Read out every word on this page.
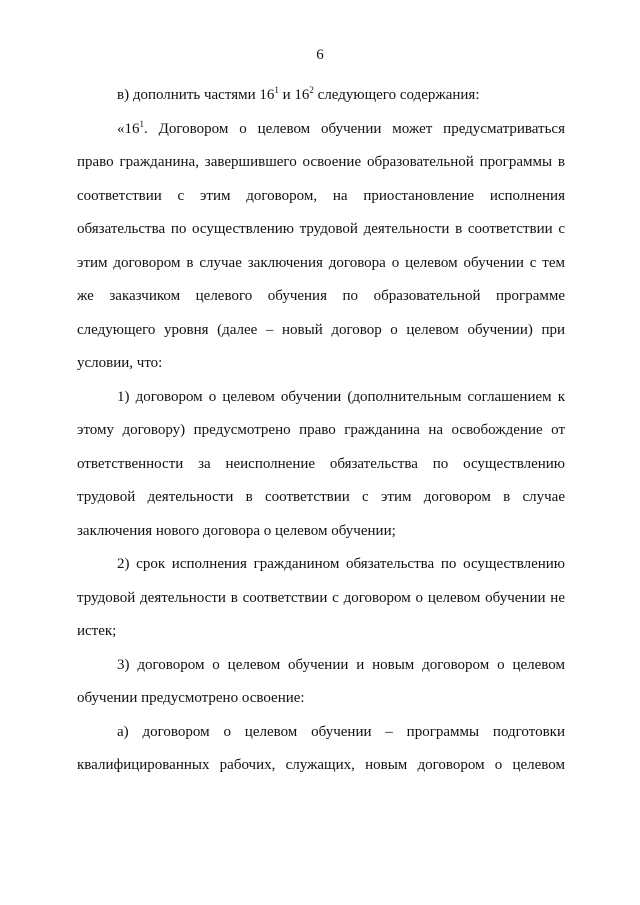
6
в) дополнить частями $16^1$ и $16^2$ следующего содержания:
«$16^1$. Договором о целевом обучении может предусматриваться
право гражданина, завершившего освоение образовательной программы в
соответствии с этим договором, на приостановление исполнения
обязательства по осуществлению трудовой деятельности в соответствии с
этим договором в случае заключения договора о целевом обучении с тем
же заказчиком целевого обучения по образовательной программе
следующего уровня (далее – новый договор о целевом обучении) при
условии, что:
1) договором о целевом обучении (дополнительным соглашением к
этому договору) предусмотрено право гражданина на освобождение от
ответственности за неисполнение обязательства по осуществлению
трудовой деятельности в соответствии с этим договором в случае
заключения нового договора о целевом обучении;
2) срок исполнения гражданином обязательства по осуществлению
трудовой деятельности в соответствии с договором о целевом обучении не
истек;
3) договором о целевом обучении и новым договором о целевом
обучении предусмотрено освоение:
а) договором о целевом обучении – программы подготовки
квалифицированных рабочих, служащих, новым договором о целевом
